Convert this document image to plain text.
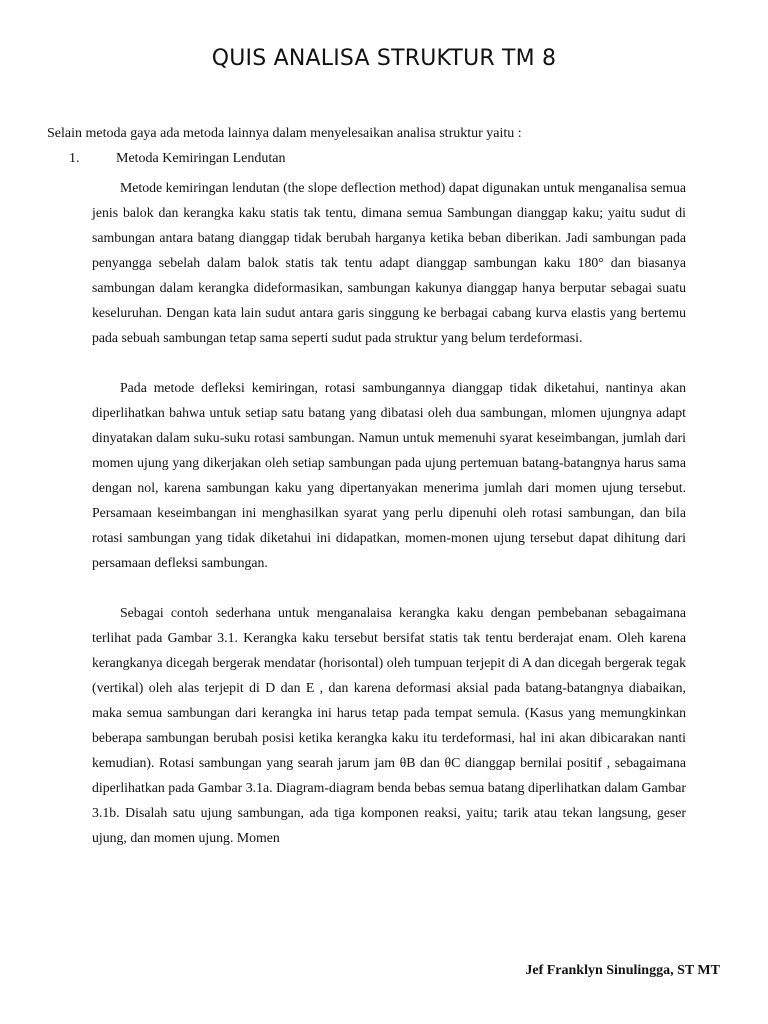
QUIS ANALISA STRUKTUR TM 8
Selain metoda gaya ada metoda lainnya dalam menyelesaikan analisa struktur yaitu :
1.	Metoda Kemiringan Lendutan

Metode kemiringan lendutan (the slope deflection method) dapat digunakan untuk menganalisa semua jenis balok dan kerangka kaku statis tak tentu, dimana semua Sambungan dianggap kaku; yaitu sudut di sambungan antara batang dianggap tidak berubah harganya ketika beban diberikan. Jadi sambungan pada penyangga sebelah dalam balok statis tak tentu adapt dianggap sambungan kaku 180° dan biasanya sambungan dalam kerangka dideformasikan, sambungan kakunya dianggap hanya berputar sebagai suatu keseluruhan. Dengan kata lain sudut antara garis singgung ke berbagai cabang kurva elastis yang bertemu pada sebuah sambungan tetap sama seperti sudut pada struktur yang belum terdeformasi.

Pada metode defleksi kemiringan, rotasi sambungannya dianggap tidak diketahui, nantinya akan diperlihatkan bahwa untuk setiap satu batang yang dibatasi oleh dua sambungan, mlomen ujungnya adapt dinyatakan dalam suku-suku rotasi sambungan. Namun untuk memenuhi syarat keseimbangan, jumlah dari momen ujung yang dikerjakan oleh setiap sambungan pada ujung pertemuan batang-batangnya harus sama dengan nol, karena sambungan kaku yang dipertanyakan menerima jumlah dari momen ujung tersebut. Persamaan keseimbangan ini menghasilkan syarat yang perlu dipenuhi oleh rotasi sambungan, dan bila rotasi sambungan yang tidak diketahui ini didapatkan, momen-monen ujung tersebut dapat dihitung dari persamaan defleksi sambungan.

Sebagai contoh sederhana untuk menganalaisa kerangka kaku dengan pembebanan sebagaimana terlihat pada Gambar 3.1. Kerangka kaku tersebut bersifat statis tak tentu berderajat enam. Oleh karena kerangkanya dicegah bergerak mendatar (horisontal) oleh tumpuan terjepit di A dan dicegah bergerak tegak (vertikal) oleh alas terjepit di D dan E , dan karena deformasi aksial pada batang-batangnya diabaikan, maka semua sambungan dari kerangka ini harus tetap pada tempat semula. (Kasus yang memungkinkan beberapa sambungan berubah posisi ketika kerangka kaku itu terdeformasi, hal ini akan dibicarakan nanti kemudian). Rotasi sambungan yang searah jarum jam θB dan θC dianggap bernilai positif , sebagaimana diperlihatkan pada Gambar 3.1a. Diagram-diagram benda bebas semua batang diperlihatkan dalam Gambar 3.1b. Disalah satu ujung sambungan, ada tiga komponen reaksi, yaitu; tarik atau tekan langsung, geser ujung, dan momen ujung. Momen

Jef Franklyn Sinulingga, ST MT
